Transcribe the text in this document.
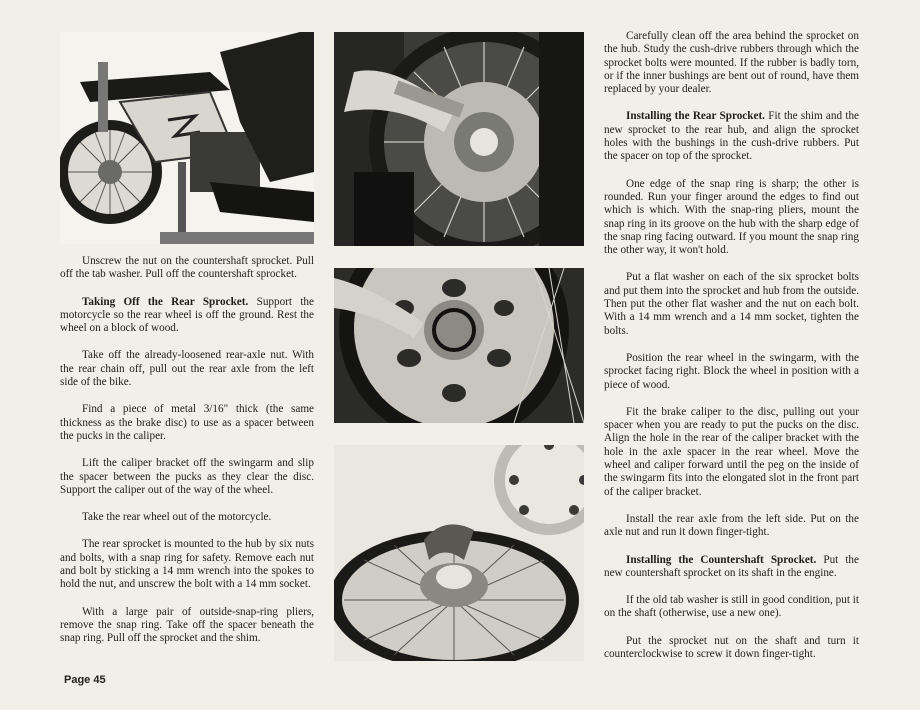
Unscrew the nut on the countershaft sprocket. Pull off the tab washer. Pull off the countershaft sprocket.

Taking Off the Rear Sprocket. Support the motorcycle so the rear wheel is off the ground. Rest the wheel on a block of wood.

Take off the already-loosened rear-axle nut. With the rear chain off, pull out the rear axle from the left side of the bike.

Find a piece of metal 3/16" thick (the same thickness as the brake disc) to use as a spacer between the pucks in the caliper.

Lift the caliper bracket off the swingarm and slip the spacer between the pucks as they clear the disc. Support the caliper out of the way of the wheel.

Take the rear wheel out of the motorcycle.

The rear sprocket is mounted to the hub by six nuts and bolts, with a snap ring for safety. Remove each nut and bolt by sticking a 14 mm wrench into the spokes to hold the nut, and unscrew the bolt with a 14 mm socket.

With a large pair of outside-snap-ring pliers, remove the snap ring. Take off the spacer beneath the snap ring. Pull off the sprocket and the shim.

Carefully clean off the area behind the sprocket on the hub. Study the cush-drive rubbers through which the sprocket bolts were mounted. If the rubber is badly torn, or if the inner bushings are bent out of round, have them replaced by your dealer.

Installing the Rear Sprocket. Fit the shim and the new sprocket to the rear hub, and align the sprocket holes with the bushings in the cush-drive rubbers. Put the spacer on top of the sprocket.

One edge of the snap ring is sharp; the other is rounded. Run your finger around the edges to find out which is which. With the snap-ring pliers, mount the snap ring in its groove on the hub with the sharp edge of the snap ring facing outward. If you mount the snap ring the other way, it won't hold.

Put a flat washer on each of the six sprocket bolts and put them into the sprocket and hub from the outside. Then put the other flat washer and the nut on each bolt. With a 14 mm wrench and a 14 mm socket, tighten the bolts.

Position the rear wheel in the swingarm, with the sprocket facing right. Block the wheel in position with a piece of wood.

Fit the brake caliper to the disc, pulling out your spacer when you are ready to put the pucks on the disc. Align the hole in the rear of the caliper bracket with the hole in the axle spacer in the rear wheel. Move the wheel and caliper forward until the peg on the inside of the swingarm fits into the elongated slot in the front part of the caliper bracket.

Install the rear axle from the left side. Put on the axle nut and run it down finger-tight.

Installing the Countershaft Sprocket. Put the new countershaft sprocket on its shaft in the engine.

If the old tab washer is still in good condition, put it on the shaft (otherwise, use a new one).

Put the sprocket nut on the shaft and turn it counterclockwise to screw it down finger-tight.

Page 45
